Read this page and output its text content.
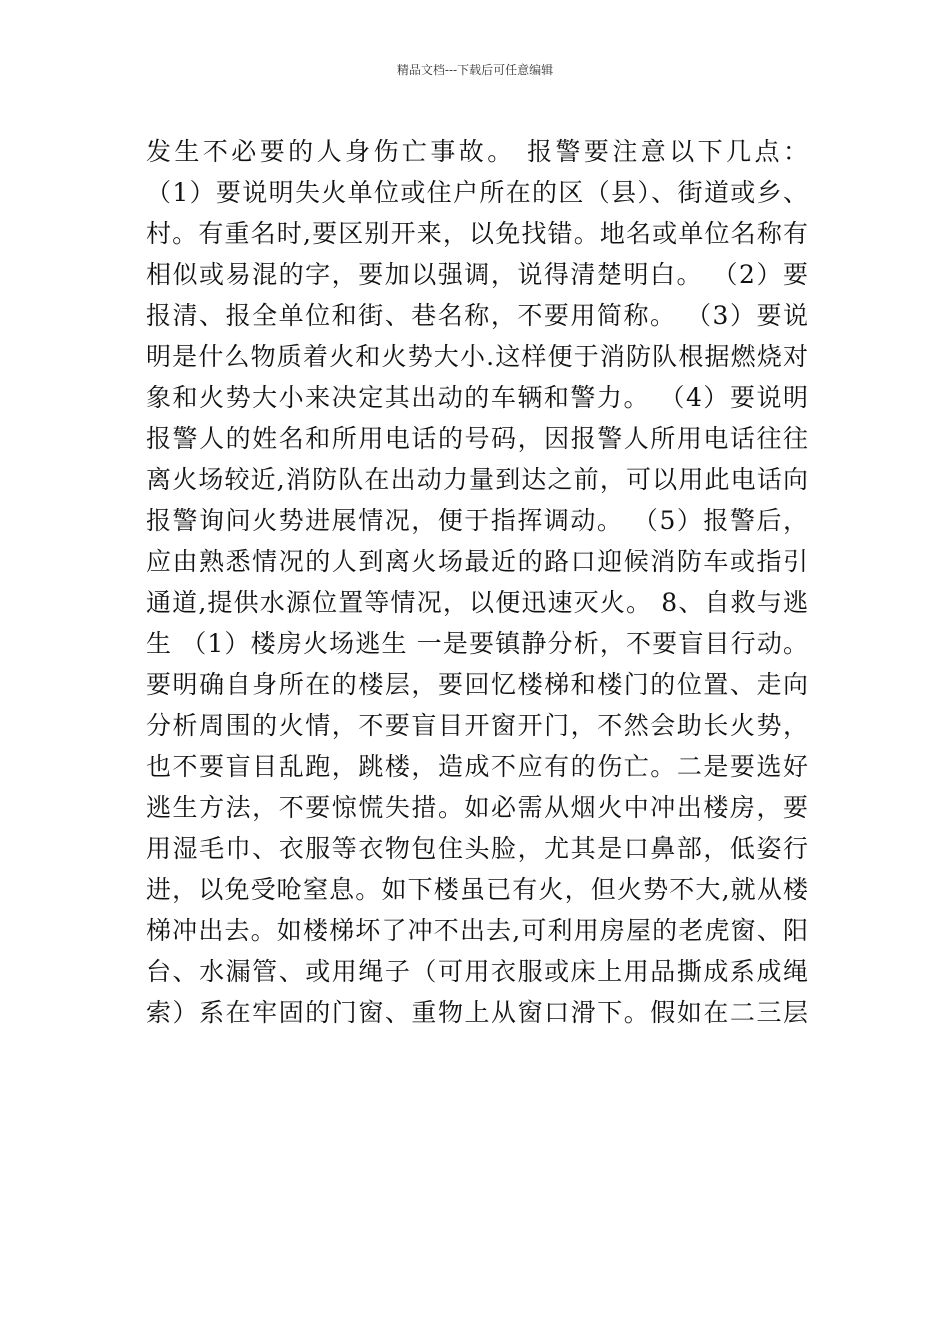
精品文档---下载后可任意编辑
发生不必要的人身伤亡事故。 报警要注意以下几点：
（1）要说明失火单位或住户所在的区（县）、街道或乡、
村。有重名时,要区别开来，以免找错。地名或单位名称有
相似或易混的字，要加以强调，说得清楚明白。 （2）要
报清、报全单位和街、巷名称，不要用简称。 （3）要说
明是什么物质着火和火势大小.这样便于消防队根据燃烧对
象和火势大小来决定其出动的车辆和警力。 （4）要说明
报警人的姓名和所用电话的号码，因报警人所用电话往往
离火场较近,消防队在出动力量到达之前，可以用此电话向
报警询问火势进展情况，便于指挥调动。 （5）报警后，
应由熟悉情况的人到离火场最近的路口迎候消防车或指引
通道,提供水源位置等情况，以便迅速灭火。 8、自救与逃
生 （1）楼房火场逃生 一是要镇静分析，不要盲目行动。
要明确自身所在的楼层，要回忆楼梯和楼门的位置、走向
分析周围的火情，不要盲目开窗开门，不然会助长火势，
也不要盲目乱跑，跳楼，造成不应有的伤亡。二是要选好
逃生方法，不要惊慌失措。如必需从烟火中冲出楼房，要
用湿毛巾、衣服等衣物包住头脸，尤其是口鼻部，低姿行
进，以免受呛窒息。如下楼虽已有火，但火势不大,就从楼
梯冲出去。如楼梯坏了冲不出去,可利用房屋的老虎窗、阳
台、水漏管、或用绳子（可用衣服或床上用品撕成系成绳
索）系在牢固的门窗、重物上从窗口滑下。假如在二三层
